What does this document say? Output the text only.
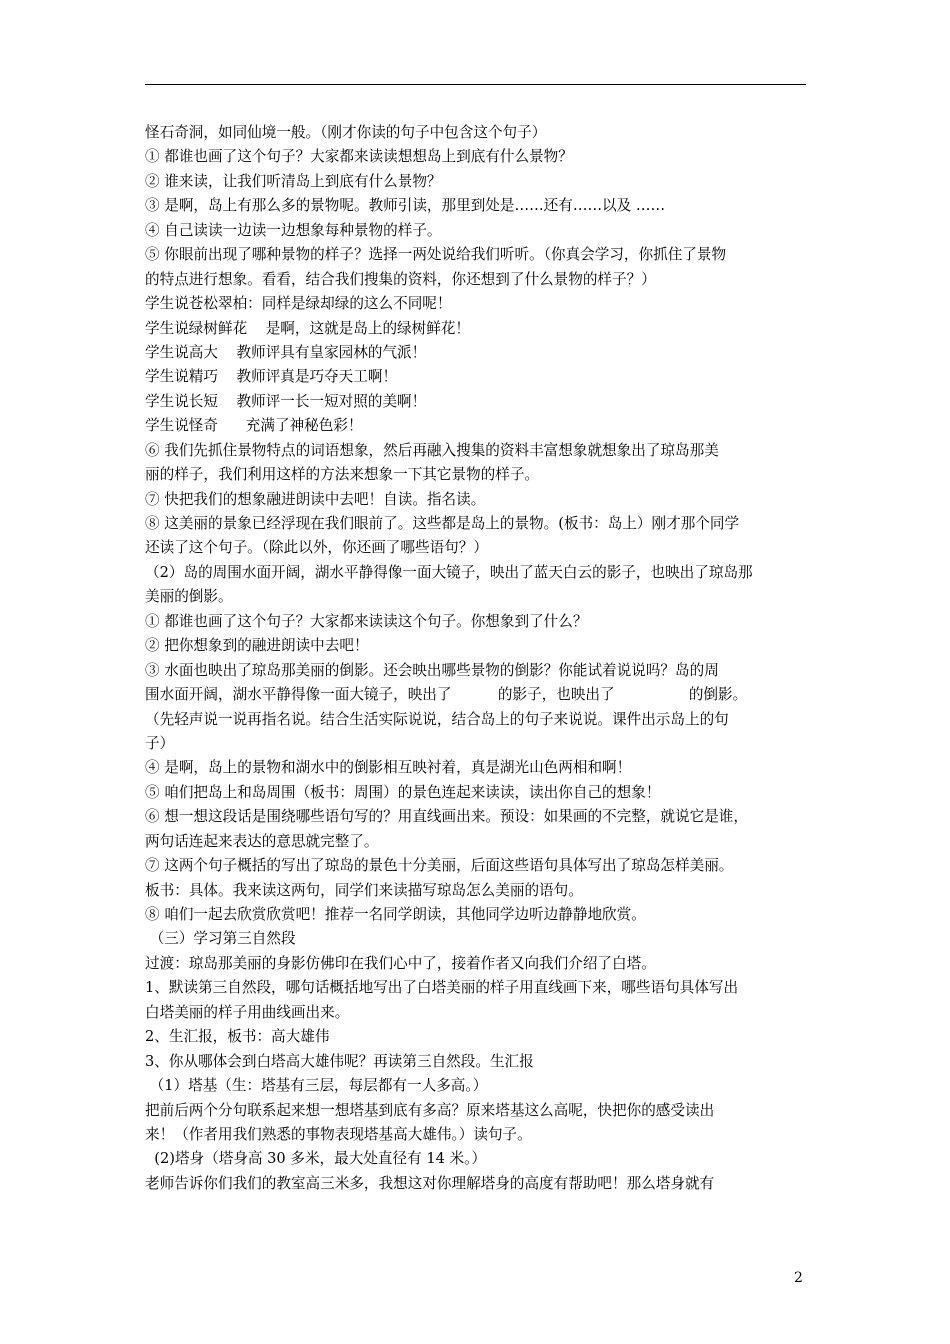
怪石奇洞，如同仙境一般。（刚才你读的句子中包含这个句子）
① 都谁也画了这个句子？大家都来读读想想岛上到底有什么景物？
② 谁来读，让我们听清岛上到底有什么景物？
③ 是啊，岛上有那么多的景物呢。教师引读，那里到处是……还有……以及 ……
④ 自己读读一边读一边想象每种景物的样子。
⑤ 你眼前出现了哪种景物的样子？选择一两处说给我们听听。（你真会学习，你抓住了景物
的特点进行想象。看看，结合我们搜集的资料，你还想到了什么景物的样子？）
学生说苍松翠柏：同样是绿却绿的这么不同呢！
学生说绿树鲜花    是啊，这就是岛上的绿树鲜花！
学生说高大    教师评具有皇家园林的气派！
学生说精巧    教师评真是巧夺天工啊！
学生说长短    教师评一长一短对照的美啊！
学生说怪奇      充满了神秘色彩！
⑥ 我们先抓住景物特点的词语想象，然后再融入搜集的资料丰富想象就想象出了琼岛那美
丽的样子，我们利用这样的方法来想象一下其它景物的样子。
⑦ 快把我们的想象融进朗读中去吧！自读。指名读。
⑧ 这美丽的景象已经浮现在我们眼前了。这些都是岛上的景物。(板书：岛上）刚才那个同学
还读了这个句子。（除此以外，你还画了哪些语句？）
（2）岛的周围水面开阔，湖水平静得像一面大镜子，映出了蓝天白云的影子，也映出了琼岛那
美丽的倒影。
① 都谁也画了这个句子？大家都来读读这个句子。你想象到了什么？
② 把你想象到的融进朗读中去吧！
③ 水面也映出了琼岛那美丽的倒影。还会映出哪些景物的倒影？你能试着说说吗？岛的周
围水面开阔，湖水平静得像一面大镜子，映出了          的影子，也映出了                的倒影。
（先轻声说一说再指名说。结合生活实际说说，结合岛上的句子来说说。课件出示岛上的句
子）
④ 是啊，岛上的景物和湖水中的倒影相互映衬着，真是湖光山色两相和啊！
⑤ 咱们把岛上和岛周围（板书：周围）的景色连起来读读，读出你自己的想象！
⑥ 想一想这段话是围绕哪些语句写的？用直线画出来。预设：如果画的不完整，就说它是谁，
两句话连起来表达的意思就完整了。
⑦ 这两个句子概括的写出了琼岛的景色十分美丽，后面这些语句具体写出了琼岛怎样美丽。
板书：具体。我来读这两句，同学们来读描写琼岛怎么美丽的语句。
⑧ 咱们一起去欣赏欣赏吧！推荐一名同学朗读，其他同学边听边静静地欣赏。
（三）学习第三自然段
过渡：琼岛那美丽的身影仿佛印在我们心中了，接着作者又向我们介绍了白塔。
1、默读第三自然段，哪句话概括地写出了白塔美丽的样子用直线画下来，哪些语句具体写出
白塔美丽的样子用曲线画出来。
2、生汇报，板书：高大雄伟
3、你从哪体会到白塔高大雄伟呢？再读第三自然段。生汇报
（1）塔基（生：塔基有三层，每层都有一人多高。）
把前后两个分句联系起来想一想塔基到底有多高？原来塔基这么高呢，快把你的感受读出
来！（作者用我们熟悉的事物表现塔基高大雄伟。）读句子。
(2)塔身（塔身高 30 多米，最大处直径有 14 米。）
老师告诉你们我们的教室高三米多，我想这对你理解塔身的高度有帮助吧！那么塔身就有
2
